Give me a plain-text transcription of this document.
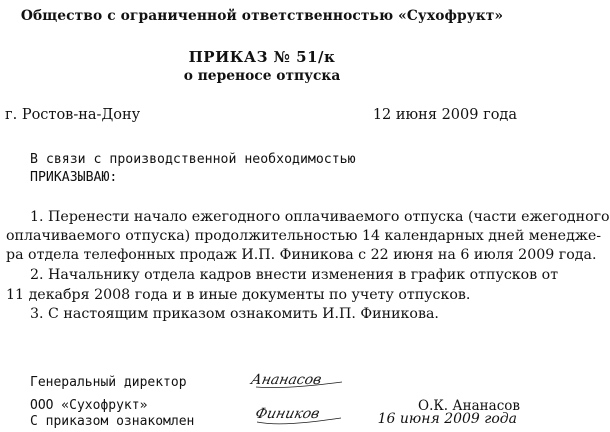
Общество с ограниченной ответственностью «Сухофрукт»
ПРИКАЗ № 51/к
о переносе отпуска
г. Ростов-на-Дону	12 июня 2009 года
В связи с производственной необходимостью
ПРИКАЗЫВАЮ:
1. Перенести начало ежегодного оплачиваемого отпуска (части ежегодного
оплачиваемого отпуска) продолжительностью 14 календарных дней менедже-
ра отдела телефонных продаж И.П. Финикова с 22 июня на 6 июля 2009 года.
2. Начальнику отдела кадров внести изменения в график отпусков от
11 декабря 2008 года и в иные документы по учету отпусков.
3. С настоящим приказом ознакомить И.П. Финикова.
Генеральный директор
ООО «Сухофрукт»
Ананасов
О.К. Ананасов
С приказом ознакомлен	Фиников	16 июня 2009 года
